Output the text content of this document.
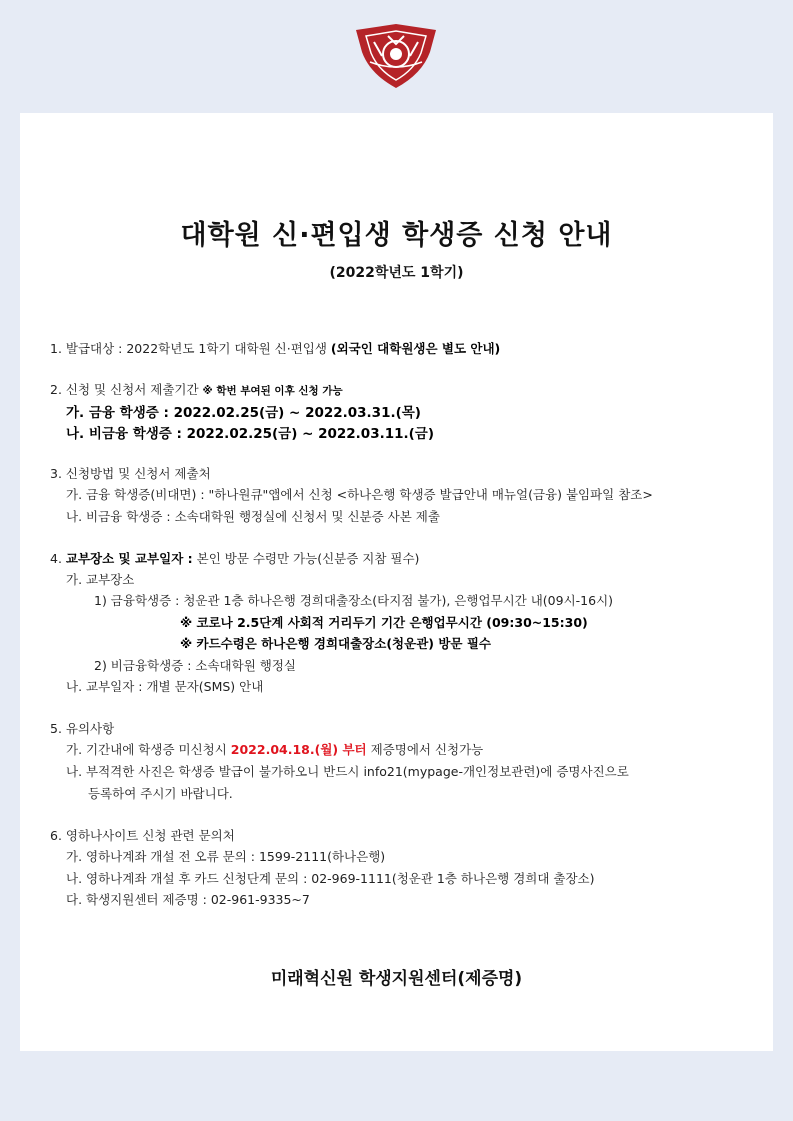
대학원 신·편입생 학생증 신청 안내
(2022학년도 1학기)
1. 발급대상 : 2022학년도 1학기 대학원 신·편입생 (외국인 대학원생은 별도 안내)
2. 신청 및 신청서 제출기간 ※ 학번 부여된 이후 신청 가능
가. 금융 학생증 : 2022.02.25(금) ~ 2022.03.31.(목)
나. 비금융 학생증 : 2022.02.25(금) ~ 2022.03.11.(금)
3. 신청방법 및 신청서 제출처
가. 금융 학생증(비대면) : "하나원큐"앱에서 신청 <하나은행 학생증 발급안내 매뉴얼(금융) 붙임파일 참조>
나. 비금융 학생증 : 소속대학원 행정실에 신청서 및 신분증 사본 제출
4. 교부장소 및 교부일자 : 본인 방문 수령만 가능(신분증 지참 필수)
가. 교부장소
1) 금융학생증 : 청운관 1층 하나은행 경희대출장소(타지점 불가), 은행업무시간 내(09시-16시)
※ 코로나 2.5단계 사회적 거리두기 기간 은행업무시간 (09:30~15:30)
※ 카드수령은 하나은행 경희대출장소(청운관) 방문 필수
2) 비금융학생증 : 소속대학원 행정실
나. 교부일자 : 개별 문자(SMS) 안내
5. 유의사항
가. 기간내에 학생증 미신청시 2022.04.18.(월) 부터 제증명에서 신청가능
나. 부적격한 사진은 학생증 발급이 불가하오니 반드시 info21(mypage-개인정보관련)에 증명사진으로
등록하여 주시기 바랍니다.
6. 영하나사이트 신청 관련 문의처
가. 영하나계좌 개설 전 오류 문의 : 1599-2111(하나은행)
나. 영하나계좌 개설 후 카드 신청단계 문의 : 02-969-1111(청운관 1층 하나은행 경희대 출장소)
다. 학생지원센터 제증명 : 02-961-9335~7
미래혁신원 학생지원센터(제증명)
